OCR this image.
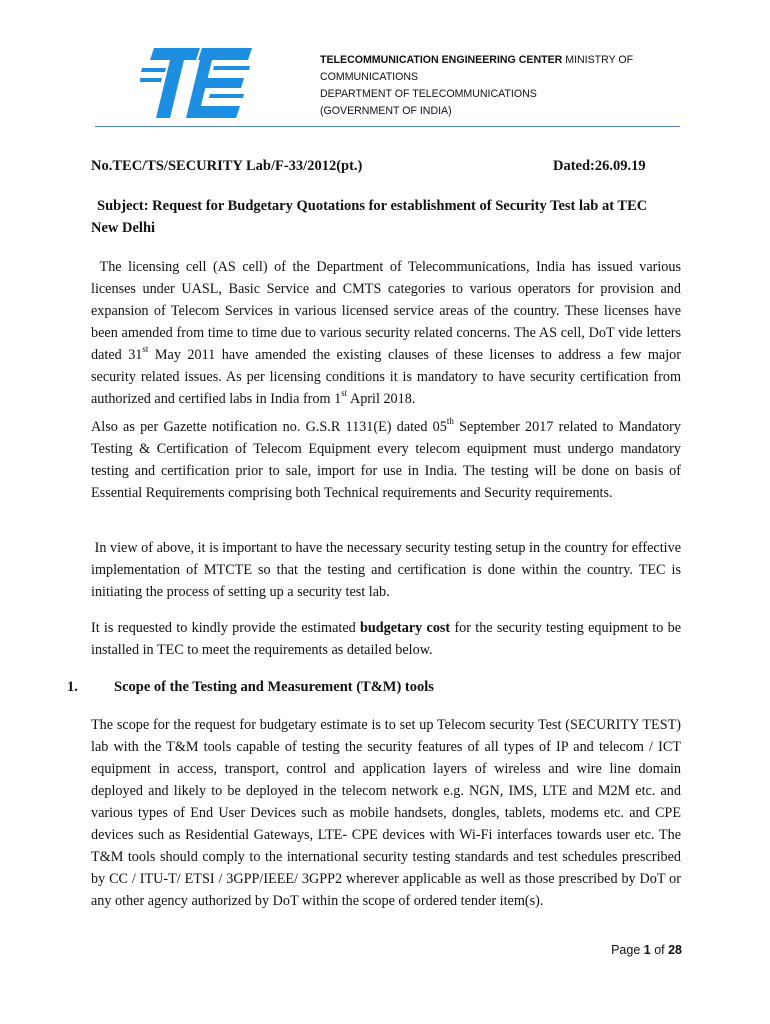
TELECOMMUNICATION ENGINEERING CENTER MINISTRY OF
COMMUNICATIONS
DEPARTMENT OF TELECOMMUNICATIONS
(GOVERNMENT OF INDIA)
No.TEC/TS/SECURITY Lab/F-33/2012(pt.)	Dated:26.09.19
Subject: Request for Budgetary Quotations for establishment of Security Test lab at TEC
New Delhi
The licensing cell (AS cell) of the Department of Telecommunications, India has issued various licenses under UASL, Basic Service and CMTS categories to various operators for provision and expansion of Telecom Services in various licensed service areas of the country. These licenses have been amended from time to time due to various security related concerns. The AS cell, DoT vide letters dated 31st May 2011 have amended the existing clauses of these licenses to address a few major security related issues. As per licensing conditions it is mandatory to have security certification from authorized and certified labs in India from 1st April 2018.
Also as per Gazette notification no. G.S.R 1131(E) dated 05th September 2017 related to Mandatory Testing & Certification of Telecom Equipment every telecom equipment must undergo mandatory testing and certification prior to sale, import for use in India. The testing will be done on basis of Essential Requirements comprising both Technical requirements and Security requirements.
In view of above, it is important to have the necessary security testing setup in the country for effective implementation of MTCTE so that the testing and certification is done within the country. TEC is initiating the process of setting up a security test lab.
It is requested to kindly provide the estimated budgetary cost for the security testing equipment to be installed in TEC to meet the requirements as detailed below.
1. Scope of the Testing and Measurement (T&M) tools
The scope for the request for budgetary estimate is to set up Telecom security Test (SECURITY TEST) lab with the T&M tools capable of testing the security features of all types of IP and telecom / ICT equipment in access, transport, control and application layers of wireless and wire line domain deployed and likely to be deployed in the telecom network e.g. NGN, IMS, LTE and M2M etc. and various types of End User Devices such as mobile handsets, dongles, tablets, modems etc. and CPE devices such as Residential Gateways, LTE- CPE devices with Wi-Fi interfaces towards user etc. The T&M tools should comply to the international security testing standards and test schedules prescribed by CC / ITU-T/ ETSI / 3GPP/IEEE/ 3GPP2 wherever applicable as well as those prescribed by DoT or any other agency authorized by DoT within the scope of ordered tender item(s).
Page 1 of 28
